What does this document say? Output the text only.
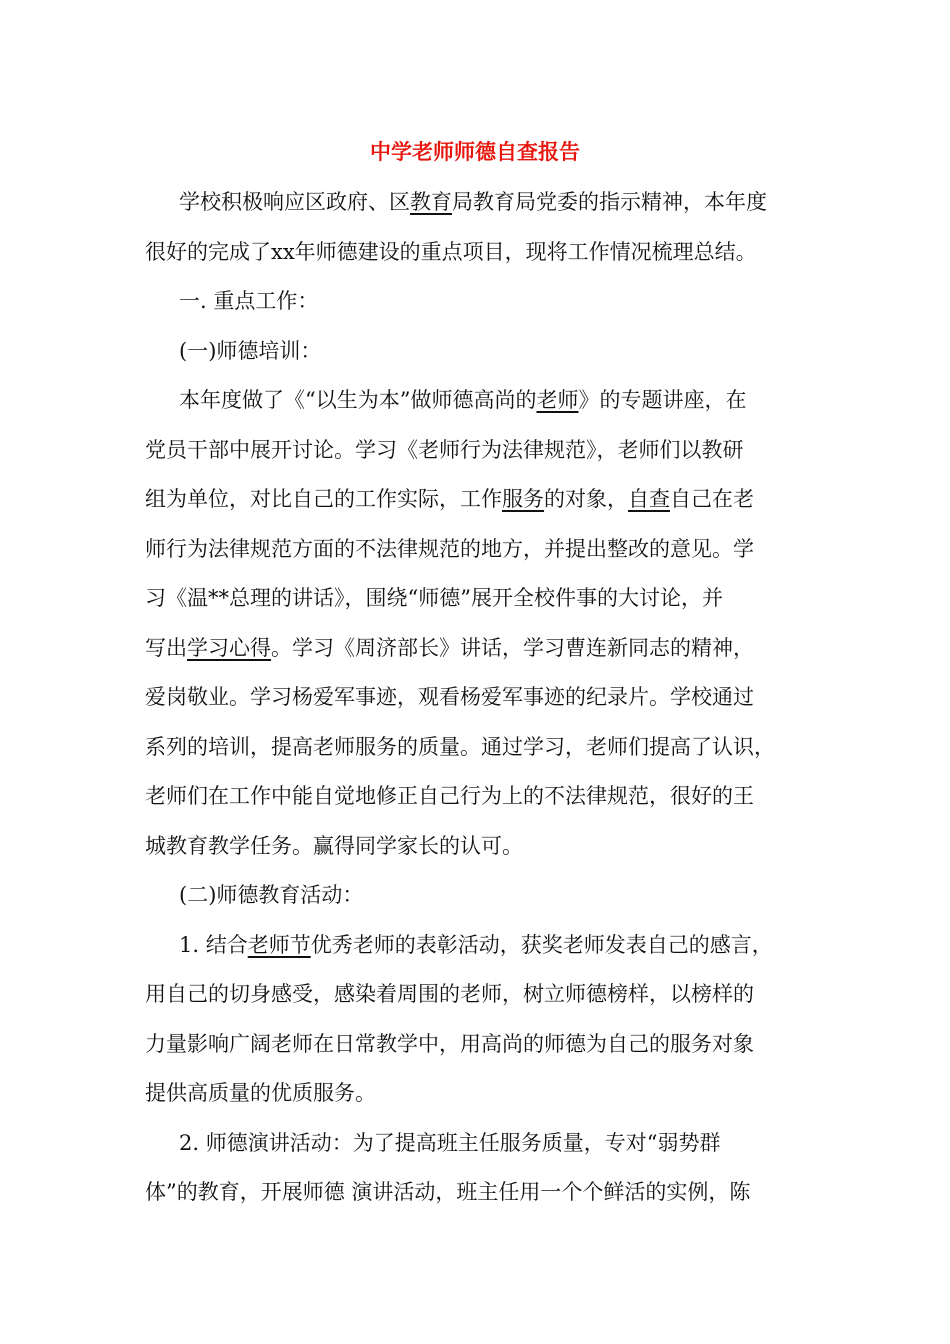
中学老师师德自查报告
学校积极响应区政府、区教育局教育局党委的指示精神，本年度
很好的完成了xx年师德建设的重点项目，现将工作情况梳理总结。
一. 重点工作：
(一)师德培训：
本年度做了《“以生为本”做师德高尚的老师》的专题讲座，在
党员干部中展开讨论。学习《老师行为法律规范》，老师们以教研
组为单位，对比自己的工作实际，工作服务的对象，自查自己在老
师行为法律规范方面的不法律规范的地方，并提出整改的意见。学
习《温**总理的讲话》，围绕“师德”展开全校件事的大讨论，并
写出学习心得。学习《周济部长》讲话，学习曹连新同志的精神，
爱岗敬业。学习杨爱军事迹，观看杨爱军事迹的纪录片。学校通过
系列的培训，提高老师服务的质量。通过学习，老师们提高了认识，
老师们在工作中能自觉地修正自己行为上的不法律规范，很好的王
城教育教学任务。赢得同学家长的认可。
(二)师德教育活动：
1. 结合老师节优秀老师的表彰活动，获奖老师发表自己的感言，
用自己的切身感受，感染着周围的老师，树立师德榜样，以榜样的
力量影响广阔老师在日常教学中，用高尚的师德为自己的服务对象
提供高质量的优质服务。
2. 师德演讲活动：为了提高班主任服务质量，专对“弱势群
体”的教育，开展师德 演讲活动，班主任用一个个鲜活的实例，陈
